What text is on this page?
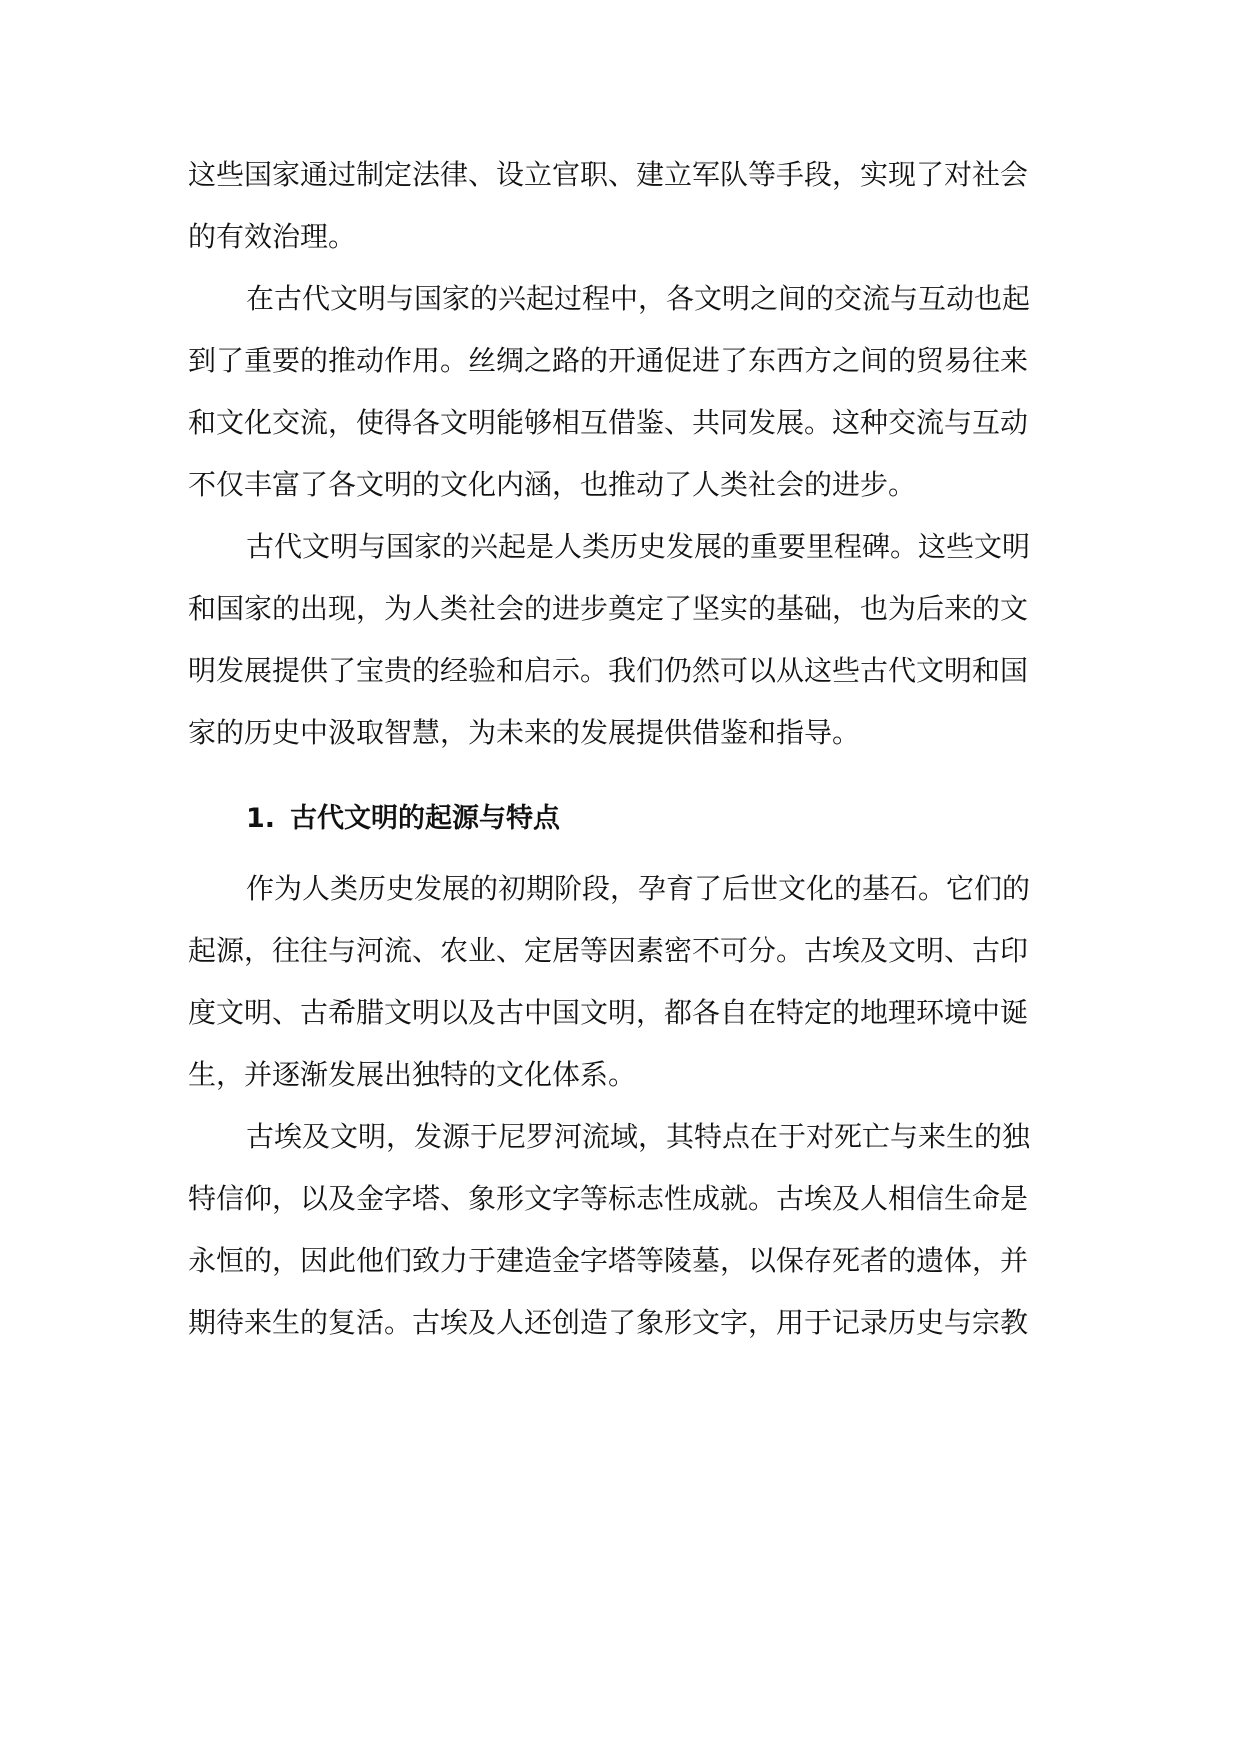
这些国家通过制定法律、设立官职、建立军队等手段，实现了对社会
的有效治理。
在古代文明与国家的兴起过程中，各文明之间的交流与互动也起
到了重要的推动作用。丝绸之路的开通促进了东西方之间的贸易往来
和文化交流，使得各文明能够相互借鉴、共同发展。这种交流与互动
不仅丰富了各文明的文化内涵，也推动了人类社会的进步。
古代文明与国家的兴起是人类历史发展的重要里程碑。这些文明
和国家的出现，为人类社会的进步奠定了坚实的基础，也为后来的文
明发展提供了宝贵的经验和启示。我们仍然可以从这些古代文明和国
家的历史中汲取智慧，为未来的发展提供借鉴和指导。
1. 古代文明的起源与特点
作为人类历史发展的初期阶段，孕育了后世文化的基石。它们的
起源，往往与河流、农业、定居等因素密不可分。古埃及文明、古印
度文明、古希腊文明以及古中国文明，都各自在特定的地理环境中诞
生，并逐渐发展出独特的文化体系。
古埃及文明，发源于尼罗河流域，其特点在于对死亡与来生的独
特信仰，以及金字塔、象形文字等标志性成就。古埃及人相信生命是
永恒的，因此他们致力于建造金字塔等陵墓，以保存死者的遗体，并
期待来生的复活。古埃及人还创造了象形文字，用于记录历史与宗教
